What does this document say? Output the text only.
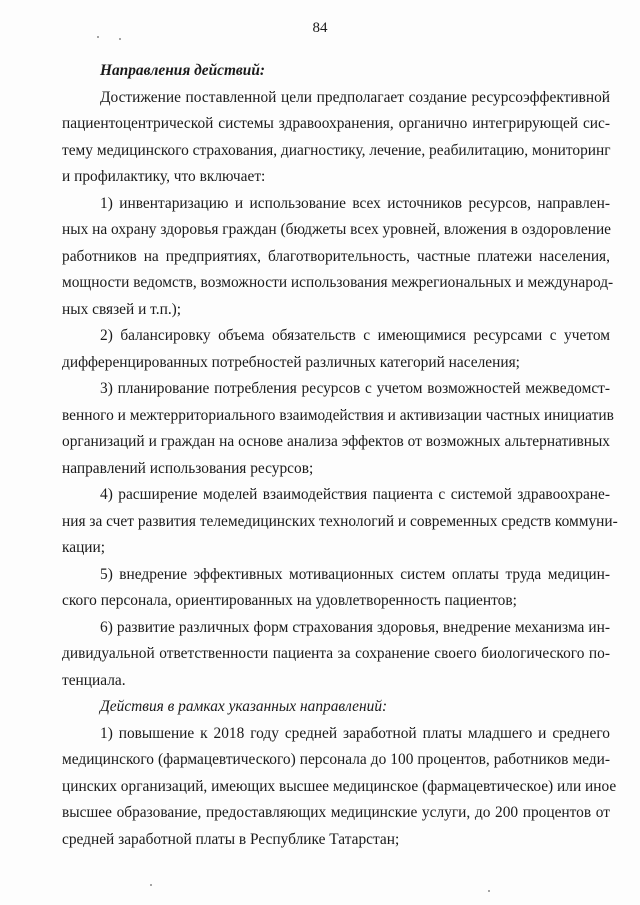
84
Направления действий:
Достижение поставленной цели предполагает создание ресурсоэффективной
пациентоцентрической системы здравоохранения, органично интегрирующей сис-
тему медицинского страхования, диагностику, лечение, реабилитацию, мониторинг
и профилактику, что включает:
1) инвентаризацию и использование всех источников ресурсов, направлен-
ных на охрану здоровья граждан (бюджеты всех уровней, вложения в оздоровление
работников на предприятиях, благотворительность, частные платежи населения,
мощности ведомств, возможности использования межрегиональных и международ-
ных связей и т.п.);
2) балансировку объема обязательств с имеющимися ресурсами с учетом
дифференцированных потребностей различных категорий населения;
3) планирование потребления ресурсов с учетом возможностей межведомст-
венного и межтерриториального взаимодействия и активизации частных инициатив
организаций и граждан на основе анализа эффектов от возможных альтернативных
направлений использования ресурсов;
4) расширение моделей взаимодействия пациента с системой здравоохране-
ния за счет развития телемедицинских технологий и современных средств коммуни-
кации;
5) внедрение эффективных мотивационных систем оплаты труда медицин-
ского персонала, ориентированных на удовлетворенность пациентов;
6) развитие различных форм страхования здоровья, внедрение механизма ин-
дивидуальной ответственности пациента за сохранение своего биологического по-
тенциала.
Действия в рамках указанных направлений:
1) повышение к 2018 году средней заработной платы младшего и среднего
медицинского (фармацевтического) персонала до 100 процентов, работников меди-
цинских организаций, имеющих высшее медицинское (фармацевтическое) или иное
высшее образование, предоставляющих медицинские услуги, до 200 процентов от
средней заработной платы в Республике Татарстан;
